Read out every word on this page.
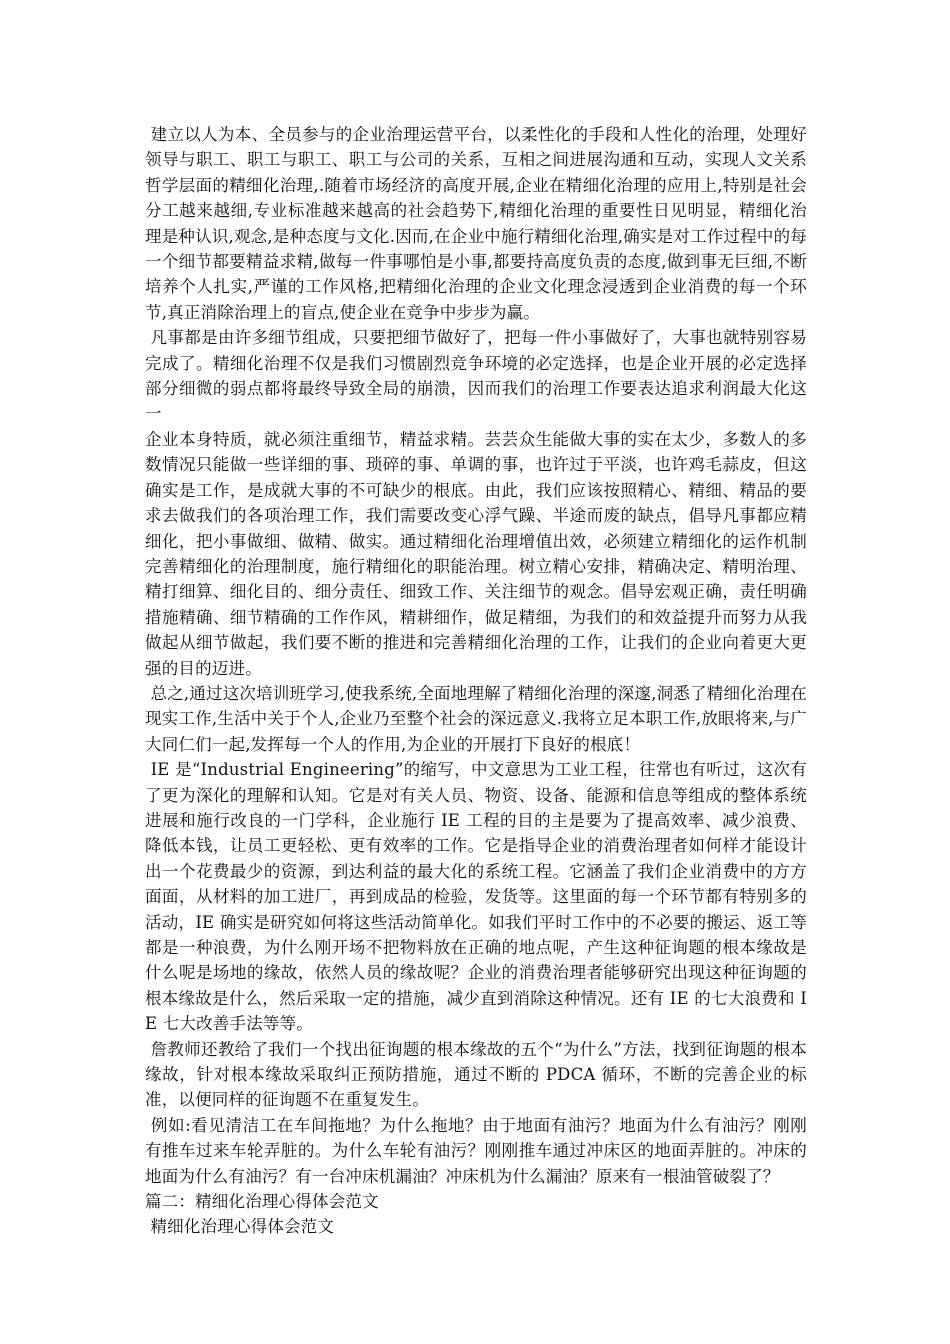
建立以人为本、全员参与的企业治理运营平台，以柔性化的手段和人性化的治理，处理好领导与职工、职工与职工、职工与公司的关系，互相之间进展沟通和互动，实现人文关系哲学层面的精细化治理,.随着市场经济的高度开展,企业在精细化治理的应用上,特别是社会分工越来越细,专业标准越来越高的社会趋势下,精细化治理的重要性日见明显，精细化治理是种认识,观念,是种态度与文化.因而,在企业中施行精细化治理,确实是对工作过程中的每一个细节都要精益求精,做每一件事哪怕是小事,都要持高度负责的态度,做到事无巨细,不断培养个人扎实,严谨的工作风格,把精细化治理的企业文化理念浸透到企业消费的每一个环节,真正消除治理上的盲点,使企业在竞争中步步为赢。

凡事都是由许多细节组成，只要把细节做好了，把每一件小事做好了，大事也就特别容易完成了。精细化治理不仅是我们习惯剧烈竞争环境的必定选择，也是企业开展的必定选择部分细微的弱点都将最终导致全局的崩溃，因而我们的治理工作要表达追求利润最大化这一

企业本身特质，就必须注重细节，精益求精。芸芸众生能做大事的实在太少，多数人的多数情况只能做一些详细的事、琐碎的事、单调的事，也许过于平淡，也许鸡毛蒜皮，但这确实是工作，是成就大事的不可缺少的根底。由此，我们应该按照精心、精细、精品的要求去做我们的各项治理工作，我们需要改变心浮气躁、半途而废的缺点，倡导凡事都应精细化，把小事做细、做精、做实。通过精细化治理增值出效，必须建立精细化的运作机制完善精细化的治理制度，施行精细化的职能治理。树立精心安排，精确决定、精明治理、精打细算、细化目的、细分责任、细致工作、关注细节的观念。倡导宏观正确，责任明确措施精确、细节精确的工作作风，精耕细作，做足精细，为我们的和效益提升而努力从我做起从细节做起，我们要不断的推进和完善精细化治理的工作，让我们的企业向着更大更强的目的迈进。

总之,通过这次培训班学习,使我系统,全面地理解了精细化治理的深邃,洞悉了精细化治理在现实工作,生活中关于个人,企业乃至整个社会的深远意义.我将立足本职工作,放眼将来,与广大同仁们一起,发挥每一个人的作用,为企业的开展打下良好的根底！

IE 是“Industrial Engineering”的缩写，中文意思为工业工程，往常也有听过，这次有了更为深化的理解和认知。它是对有关人员、物资、设备、能源和信息等组成的整体系统进展和施行改良的一门学科，企业施行 IE 工程的目的主是要为了提高效率、减少浪费、降低本钱，让员工更轻松、更有效率的工作。它是指导企业的消费治理者如何样才能设计出一个花费最少的资源，到达利益的最大化的系统工程。它涵盖了我们企业消费中的方方面面，从材料的加工进厂，再到成品的检验，发货等。这里面的每一个环节都有特别多的活动，IE 确实是研究如何将这些活动简单化。如我们平时工作中的不必要的搬运、返工等都是一种浪费，为什么刚开场不把物料放在正确的地点呢，产生这种征询题的根本缘故是什么呢是场地的缘故，依然人员的缘故呢？企业的消费治理者能够研究出现这种征询题的根本缘故是什么，然后采取一定的措施，减少直到消除这种情况。还有 IE 的七大浪费和 IE 七大改善手法等等。

詹教师还教给了我们一个找出征询题的根本缘故的五个“为什么”方法，找到征询题的根本缘故，针对根本缘故采取纠正预防措施，通过不断的 PDCA 循环，不断的完善企业的标准，以便同样的征询题不在重复发生。

例如:看见清洁工在车间拖地？为什么拖地？由于地面有油污？地面为什么有油污？刚刚有推车过来车轮弄脏的。为什么车轮有油污？刚刚推车通过冲床区的地面弄脏的。冲床的地面为什么有油污？有一台冲床机漏油？冲床机为什么漏油？原来有一根油管破裂了？

篇二：精细化治理心得体会范文

精细化治理心得体会范文
